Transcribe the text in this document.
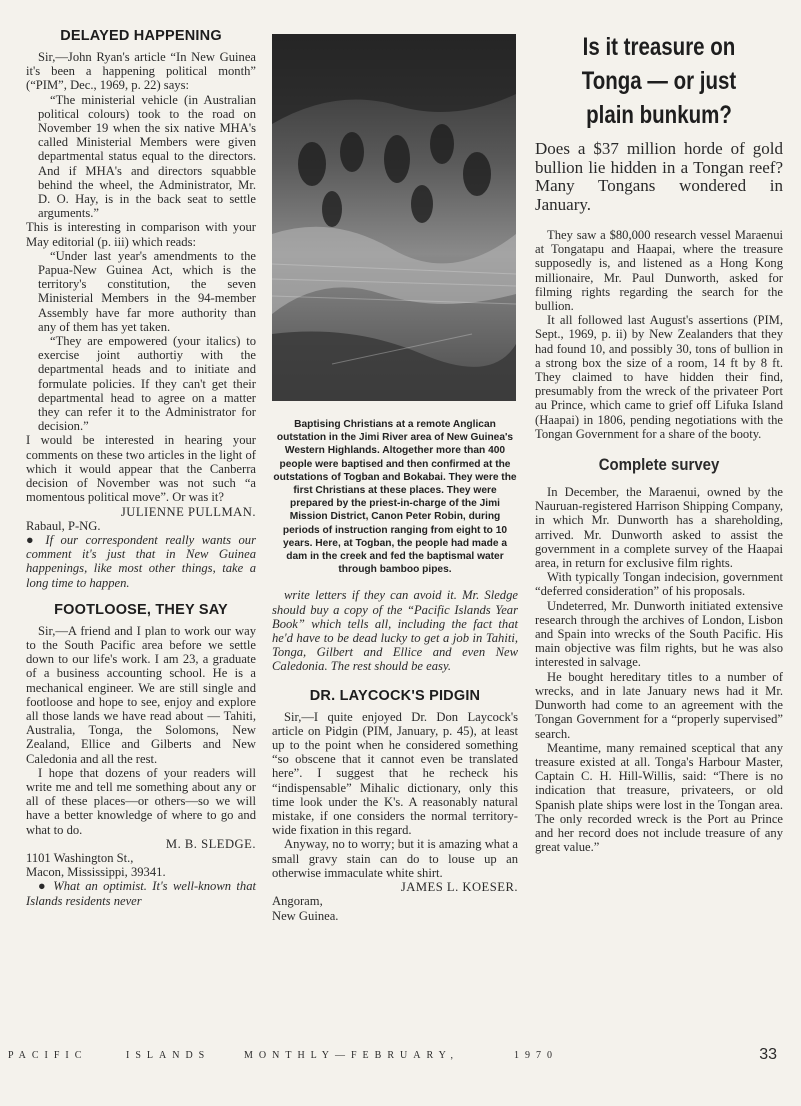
DELAYED HAPPENING

Sir,—John Ryan's article “In New Guinea it's been a happening political month” (“PIM”, Dec., 1969, p. 22) says:

“The ministerial vehicle (in Australian political colours) took to the road on November 19 when the six native MHA's called Ministerial Members were given departmental status equal to the directors. And if MHA's and directors squabble behind the wheel, the Administrator, Mr. D. O. Hay, is in the back seat to settle arguments.”

This is interesting in comparison with your May editorial (p. iii) which reads:

“Under last year's amendments to the Papua-New Guinea Act, which is the territory's constitution, the seven Ministerial Members in the 94-member Assembly have far more authority than any of them has yet taken.

“They are empowered (your italics) to exercise joint authortiy with the departmental heads and to initiate and formulate policies. If they can't get their departmental head to agree on a matter they can refer it to the Administrator for decision.”

I would be interested in hearing your comments on these two articles in the light of which it would appear that the Canberra decision of November was not such “a momentous political move”. Or was it?

JULIENNE PULLMAN.
Rabaul, P-NG.

● If our correspondent really wants our comment it's just that in New Guinea happenings, like most other things, take a long time to happen.

FOOTLOOSE, THEY SAY

Sir,—A friend and I plan to work our way to the South Pacific area before we settle down to our life's work. I am 23, a graduate of a business accounting school. He is a mechanical engineer. We are still single and footloose and hope to see, enjoy and explore all those lands we have read about — Tahiti, Australia, Tonga, the Solomons, New Zealand, Ellice and Gilberts and New Caledonia and all the rest.

I hope that dozens of your readers will write me and tell me something about any or all of these places—or others—so we will have a better knowledge of where to go and what to do.

M. B. SLEDGE.
1101 Washington St.,
Macon, Mississippi, 39341.

● What an optimist. It's well-known that Islands residents never

Baptising Christians at a remote Anglican outstation in the Jimi River area of New Guinea's Western Highlands. Altogether more than 400 people were baptised and then confirmed at the outstations of Togban and Bokabai. They were the first Christians at these places. They were prepared by the priest-in-charge of the Jimi Mission District, Canon Peter Robin, during periods of instruction ranging from eight to 10 years. Here, at Togban, the people had made a dam in the creek and fed the baptismal water through bamboo pipes.

write letters if they can avoid it. Mr. Sledge should buy a copy of the “Pacific Islands Year Book” which tells all, including the fact that he'd have to be dead lucky to get a job in Tahiti, Tonga, Gilbert and Ellice and even New Caledonia. The rest should be easy.

DR. LAYCOCK'S PIDGIN

Sir,—I quite enjoyed Dr. Don Laycock's article on Pidgin (PIM, January, p. 45), at least up to the point when he considered something “so obscene that it cannot even be translated here”. I suggest that he recheck his “indispensable” Mihalic dictionary, only this time look under the K's. A reasonably natural mistake, if one considers the normal territory-wide fixation in this regard.

Anyway, no to worry; but it is amazing what a small gravy stain can do to louse up an otherwise immaculate white shirt.

JAMES L. KOESER.
Angoram,
New Guinea.
Is it treasure on
Tonga — or just
plain bunkum?
Does a $37 million horde of gold bullion lie hidden in a Tongan reef? Many Tongans wondered in January.

They saw a $80,000 research vessel Maraenui at Tongatapu and Haapai, where the treasure supposedly is, and listened as a Hong Kong millionaire, Mr. Paul Dunworth, asked for filming rights regarding the search for the bullion.

It all followed last August's assertions (PIM, Sept., 1969, p. ii) by New Zealanders that they had found 10, and possibly 30, tons of bullion in a strong box the size of a room, 14 ft by 8 ft. They claimed to have hidden their find, presumably from the wreck of the privateer Port au Prince, which came to grief off Lifuka Island (Haapai) in 1806, pending negotiations with the Tongan Government for a share of the booty.

Complete survey

In December, the Maraenui, owned by the Nauruan-registered Harrison Shipping Company, in which Mr. Dunworth has a shareholding, arrived. Mr. Dunworth asked to assist the government in a complete survey of the Haapai area, in return for exclusive film rights.

With typically Tongan indecision, government “deferred consideration” of his proposals.

Undeterred, Mr. Dunworth initiated extensive research through the archives of London, Lisbon and Spain into wrecks of the South Pacific. His main objective was film rights, but he was also interested in salvage.

He bought hereditary titles to a number of wrecks, and in late January news had it Mr. Dunworth had come to an agreement with the Tongan Government for a “properly supervised” search.

Meantime, many remained sceptical that any treasure existed at all. Tonga's Harbour Master, Captain C. H. Hill-Willis, said: “There is no indication that treasure, privateers, or old Spanish plate ships were lost in the Tongan area. The only recorded wreck is the Port au Prince and her record does not include treasure of any great value.”

PACIFIC	ISLANDS	MONTHLY—FEBRUARY,	1970	33
